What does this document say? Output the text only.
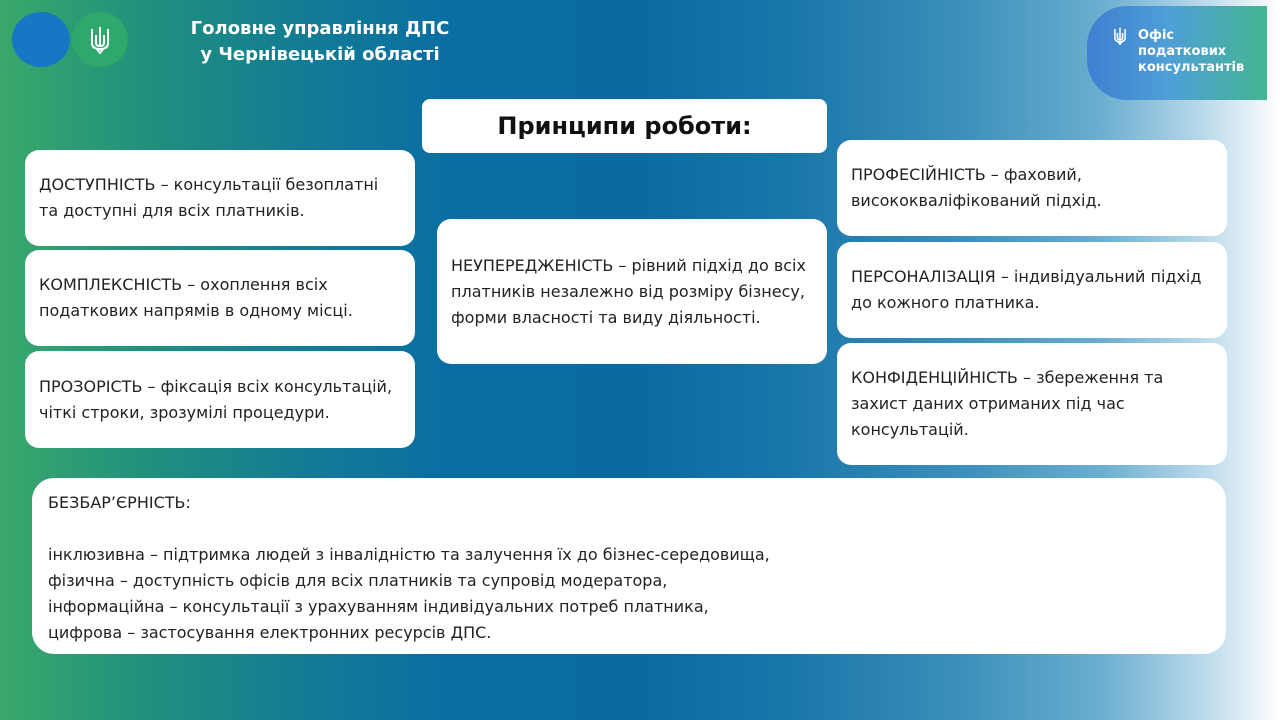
Головне управління ДПС
у Чернівецькій області
Офіс
податкових
консультантів
Принципи роботи:
ДОСТУПНІСТЬ – консультації безоплатні та доступні для всіх платників.
КОМПЛЕКСНІСТЬ – охоплення всіх податкових напрямів в одному місці.
ПРОЗОРІСТЬ – фіксація всіх консультацій, чіткі строки, зрозумілі процедури.
НЕУПЕРЕДЖЕНІСТЬ – рівний підхід до всіх платників незалежно від розміру бізнесу, форми власності та виду діяльності.
ПРОФЕСІЙНІСТЬ – фаховий, висококваліфікований підхід.
ПЕРСОНАЛІЗАЦІЯ – індивідуальний підхід до кожного платника.
КОНФІДЕНЦІЙНІСТЬ – збереження та захист даних отриманих під час консультацій.
БЕЗБАР’ЄРНІСТЬ:
інклюзивна – підтримка людей з інвалідністю та залучення їх до бізнес-середовища,
фізична – доступність офісів для всіх платників та супровід модератора,
інформаційна – консультації з урахуванням індивідуальних потреб платника,
цифрова – застосування електронних ресурсів ДПС.
